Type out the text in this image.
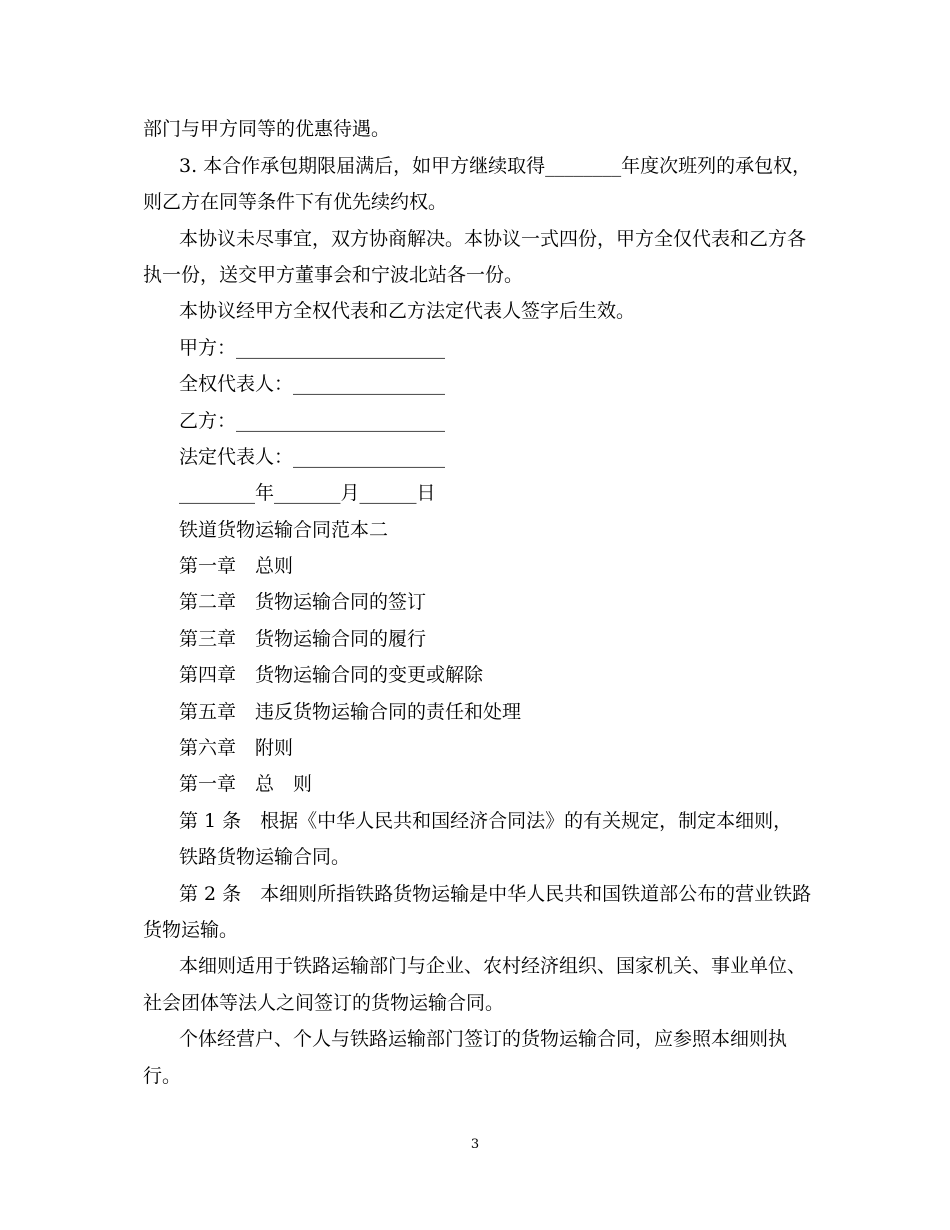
部门与甲方同等的优惠待遇。
3. 本合作承包期限届满后，如甲方继续取得________年度次班列的承包权，
则乙方在同等条件下有优先续约权。
本协议未尽事宜，双方协商解决。本协议一式四份，甲方全仅代表和乙方各
执一份，送交甲方董事会和宁波北站各一份。
本协议经甲方全权代表和乙方法定代表人签字后生效。
甲方：______________________
全权代表人：________________
乙方：______________________
法定代表人：________________
________年_______月______日
铁道货物运输合同范本二
第一章　总则
第二章　货物运输合同的签订
第三章　货物运输合同的履行
第四章　货物运输合同的变更或解除
第五章　违反货物运输合同的责任和处理
第六章　附则
第一章　总　则
第 1 条　根据《中华人民共和国经济合同法》的有关规定，制定本细则，
铁路货物运输合同。
第 2 条　本细则所指铁路货物运输是中华人民共和国铁道部公布的营业铁路
货物运输。
本细则适用于铁路运输部门与企业、农村经济组织、国家机关、事业单位、
社会团体等法人之间签订的货物运输合同。
个体经营户、个人与铁路运输部门签订的货物运输合同，应参照本细则执
行。
3
